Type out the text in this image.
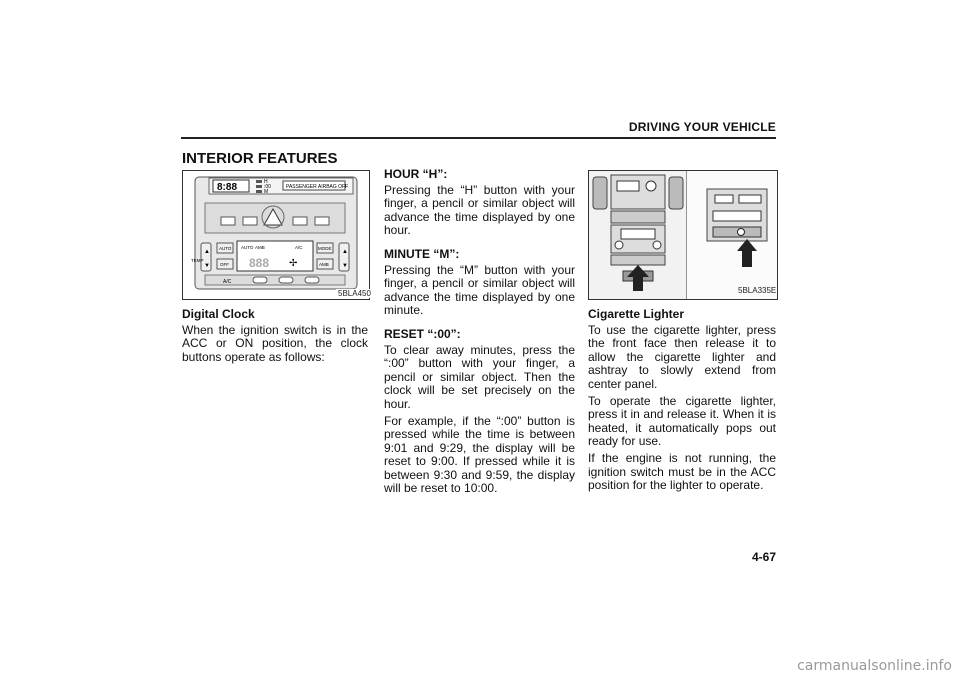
DRIVING YOUR VEHICLE
INTERIOR FEATURES
8:88	H
:00
M
PASSENGER AIRBAG OFF
▲
▼
TEMP
AUTO
OFF
AUTO AMB	A/C
888 ✢
MODE
AMB
▲
▼
A/C
5BLA450

Digital Clock

When the ignition switch is in the ACC or ON position, the clock buttons operate as follows:

HOUR “H”:

Pressing the “H” button with your finger, a pencil or similar object will advance the time displayed by one hour.

MINUTE “M”:

Pressing the “M” button with your finger, a pencil or similar object will advance the time displayed by one minute.

RESET “:00”:

To clear away minutes, press the “:00” button with your finger, a pencil or similar object. Then the clock will be set precisely on the hour.

For example, if the “:00” button is pressed while the time is between 9:01 and 9:29, the display will be reset to 9:00. If pressed while it is between 9:30 and 9:59, the display will be reset to 10:00.

5BLA335E

Cigarette Lighter

To use the cigarette lighter, press the front face then release it to allow the cigarette lighter and ashtray to slowly extend from center panel.

To operate the cigarette lighter, press it in and release it. When it is heated, it automatically pops out ready for use.

If the engine is not running, the ignition switch must be in the ACC position for the lighter to operate.

4-67
carmanualsonline.info
